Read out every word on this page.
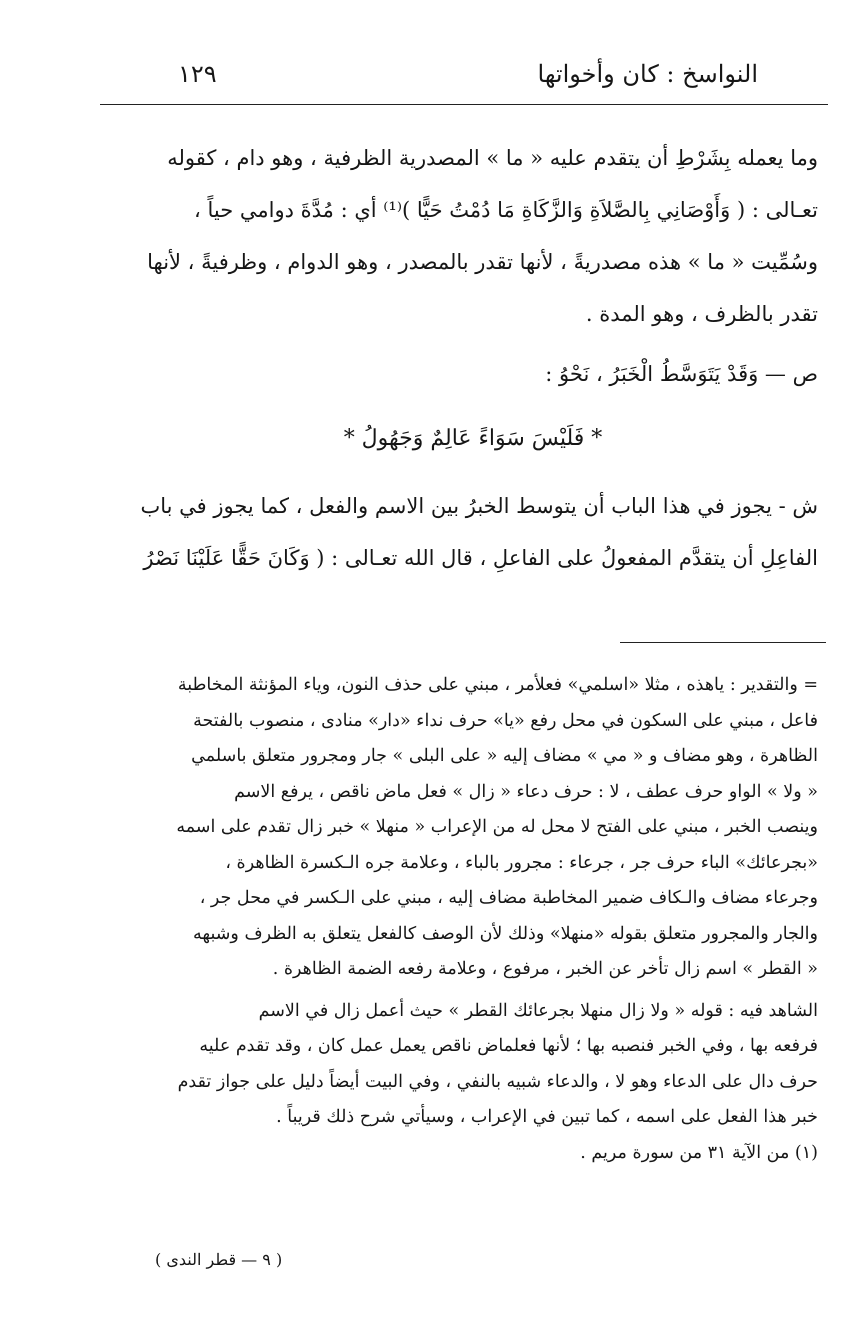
النواسخ : كان وأخواتها
١٢٩
وما يعمله بِشَرْطِ أن يتقدم عليه « ما » المصدرية الظرفية ، وهو دام ، كقوله
تعـالى : ( وَأَوْصَانِي بِالصَّلاَةِ وَالزَّكَاةِ مَا دُمْتُ حَيًّا )⁽¹⁾ أي : مُدَّةَ دوامي حياً ،
وسُمِّيت « ما » هذه مصدريةً ، لأنها تقدر بالمصدر ، وهو الدوام ، وظرفيةً ، لأنها
تقدر بالظرف ، وهو المدة .
ص — وَقَدْ يَتَوَسَّطُ الْخَبَرُ ، نَحْوُ :
* فَلَيْسَ سَوَاءً عَالِمٌ وَجَهُولُ *
ش - يجوز في هذا الباب أن يتوسط الخبرُ بين الاسم والفعل ، كما يجوز في باب
الفاعِلِ أن يتقدَّم المفعولُ على الفاعلِ ، قال الله تعـالى : ( وَكَانَ حَقًّا عَلَيْنَا نَصْرُ
= والتقدير : ياهذه ، مثلا «اسلمي» فعلأمر ، مبني على حذف النون، وياء المؤنثة المخاطبة
فاعل ، مبني على السكون في محل رفع «يا» حرف نداء «دار» منادى ، منصوب بالفتحة
الظاهرة ، وهو مضاف و « مي » مضاف إليه « على البلى » جار ومجرور متعلق باسلمي
« ولا » الواو حرف عطف ، لا : حرف دعاء « زال » فعل ماض ناقص ، يرفع الاسم
وينصب الخبر ، مبني على الفتح لا محل له من الإعراب « منهلا » خبر زال تقدم على اسمه
«بجرعائك» الباء حرف جر ، جرعاء : مجرور بالباء ، وعلامة جره الـكسرة الظاهرة ،
وجرعاء مضاف والـكاف ضمير المخاطبة مضاف إليه ، مبني على الـكسر في محل جر ،
والجار والمجرور متعلق بقوله «منهلا» وذلك لأن الوصف كالفعل يتعلق به الظرف وشبهه
« القطر » اسم زال تأخر عن الخبر ، مرفوع ، وعلامة رفعه الضمة الظاهرة .
الشاهد فيه : قوله « ولا زال منهلا بجرعائك القطر » حيث أعمل زال في الاسم
فرفعه بها ، وفي الخبر فنصبه بها ؛ لأنها فعلماض ناقص يعمل عمل كان ، وقد تقدم عليه
حرف دال على الدعاء وهو لا ، والدعاء شبيه بالنفي ، وفي البيت أيضاً دليل على جواز تقدم
خبر هذا الفعل على اسمه ، كما تبين في الإعراب ، وسيأتي شرح ذلك قريباً .
(١) من الآية ٣١ من سورة مريم .
( ٩ — قطر الندى )
